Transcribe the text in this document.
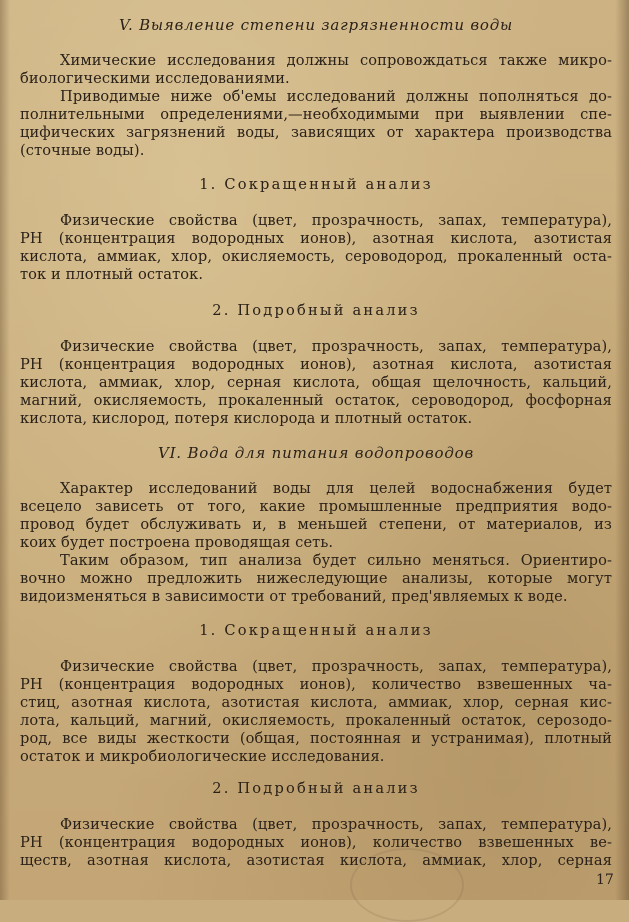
V. Выявление степени загрязненности воды
Химические исследования должны сопровождаться также микро-
биологическими исследованиями.
Приводимые ниже об'емы исследований должны пополняться до-
полнительными определениями,—необходимыми при выявлении спе-
цифических загрязнений воды, зависящих от характера производства
(сточные воды).
1. Сокращенный анализ
Физические свойства (цвет, прозрачность, запах, температура),
РН (концентрация водородных ионов), азотная кислота, азотистая
кислота, аммиак, хлор, окисляемость, сероводород, прокаленный оста-
ток и плотный остаток.
2. Подробный анализ
Физические свойства (цвет, прозрачность, запах, температура),
РН (концентрация водородных ионов), азотная кислота, азотистая
кислота, аммиак, хлор, серная кислота, общая щелочность, кальций,
магний, окисляемость, прокаленный остаток, сероводород, фосфорная
кислота, кислород, потеря кислорода и плотный остаток.
VI. Вода для питания водопроводов
Характер исследований воды для целей водоснабжения будет
всецело зависеть от того, какие промышленные предприятия водо-
провод будет обслуживать и, в меньшей степени, от материалов, из
коих будет построена проводящая сеть.
Таким образом, тип анализа будет сильно меняться. Ориентиро-
вочно можно предложить нижеследующие анализы, которые могут
видоизменяться в зависимости от требований, пред'являемых к воде.
1. Сокращенный анализ
Физические свойства (цвет, прозрачность, запах, температура),
РН (концентрация водородных ионов), количество взвешенных ча-
стиц, азотная кислота, азотистая кислота, аммиак, хлор, серная кис-
лота, кальций, магний, окисляемость, прокаленный остаток, серозодо-
род, все виды жесткости (общая, постоянная и устранимая), плотный
остаток и микробиологические исследования.
2. Подробный анализ
Физические свойства (цвет, прозрачность, запах, температура),
РН (концентрация водородных ионов), количество взвешенных ве-
ществ, азотная кислота, азотистая кислота, аммиак, хлор, серная
17
